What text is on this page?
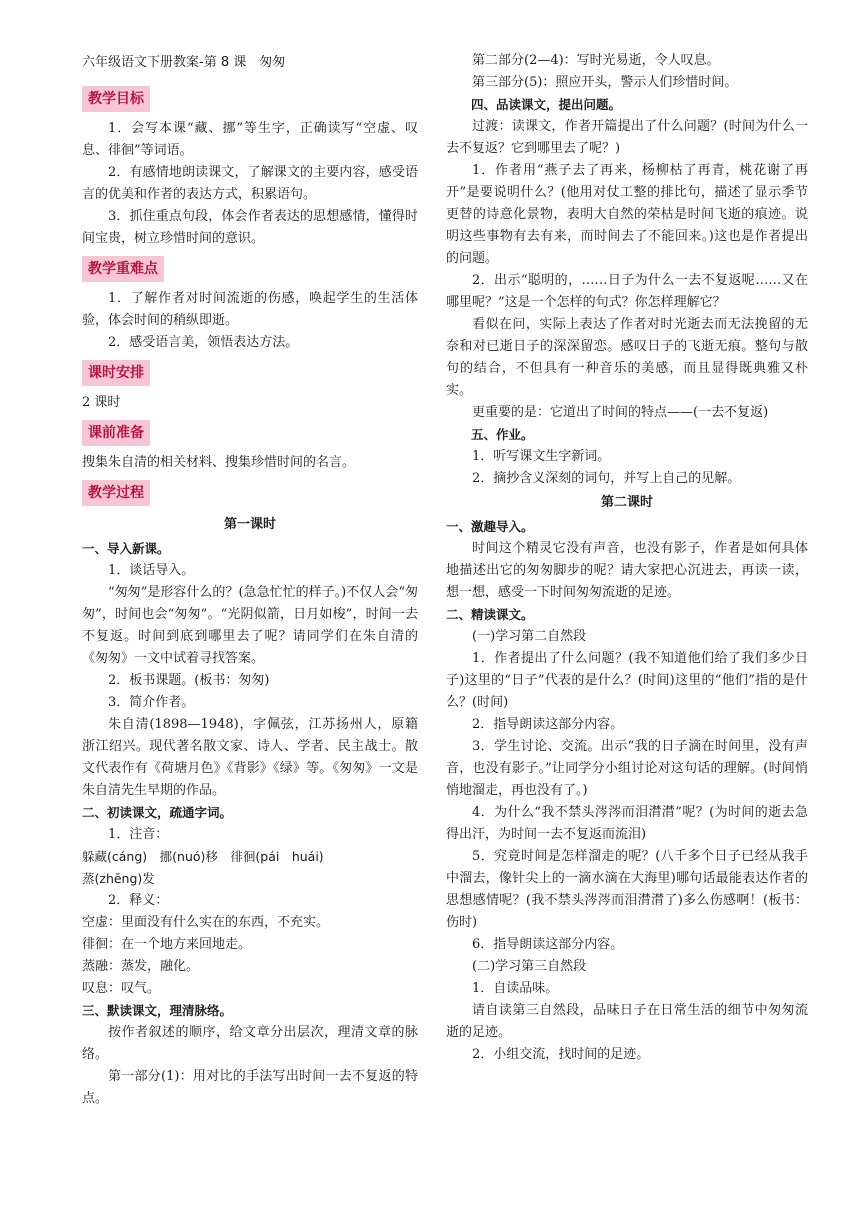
六年级语文下册教案-第 8 课　匆匆

教学目标

1．会写本课“藏、挪”等生字，正确读写“空虚、叹息、徘徊”等词语。

2．有感情地朗读课文，了解课文的主要内容，感受语言的优美和作者的表达方式，积累语句。

3．抓住重点句段，体会作者表达的思想感情，懂得时间宝贵，树立珍惜时间的意识。

教学重难点

1．了解作者对时间流逝的伤感，唤起学生的生活体验，体会时间的稍纵即逝。

2．感受语言美，领悟表达方法。

课时安排

2 课时

课前准备

搜集朱自清的相关材料、搜集珍惜时间的名言。

教学过程

第一课时

一、导入新课。

1．谈话导入。

“匆匆”是形容什么的？(急急忙忙的样子。)不仅人会“匆匆”，时间也会“匆匆”。“光阴似箭，日月如梭”，时间一去不复返。时间到底到哪里去了呢？请同学们在朱自清的《匆匆》一文中试着寻找答案。

2．板书课题。(板书：匆匆)

3．简介作者。

朱自清(1898—1948)，字佩弦，江苏扬州人，原籍浙江绍兴。现代著名散文家、诗人、学者、民主战士。散文代表作有《荷塘月色》《背影》《绿》等。《匆匆》一文是朱自清先生早期的作品。

二、初读课文，疏通字词。

1．注音：

躲藏(cáng)　挪(nuó)移　徘徊(pái　huái)

蒸(zhēng)发

2．释义：

空虚：里面没有什么实在的东西，不充实。

徘徊：在一个地方来回地走。

蒸融：蒸发，融化。

叹息：叹气。

三、默读课文，理清脉络。

按作者叙述的顺序，给文章分出层次，理清文章的脉络。

第一部分(1)：用对比的手法写出时间一去不复返的特点。

第二部分(2—4)：写时光易逝，令人叹息。

第三部分(5)：照应开头，警示人们珍惜时间。

四、品读课文，提出问题。

过渡：读课文，作者开篇提出了什么问题？(时间为什么一去不复返？它到哪里去了呢？)

1．作者用“燕子去了再来，杨柳枯了再青，桃花谢了再开”是要说明什么？(他用对仗工整的排比句，描述了显示季节更替的诗意化景物，表明大自然的荣枯是时间飞逝的痕迹。说明这些事物有去有来，而时间去了不能回来。)这也是作者提出的问题。

2．出示“聪明的，……日子为什么一去不复返呢……又在哪里呢？”这是一个怎样的句式？你怎样理解它？

看似在问，实际上表达了作者对时光逝去而无法挽留的无奈和对已逝日子的深深留恋。感叹日子的飞逝无痕。整句与散句的结合，不但具有一种音乐的美感，而且显得既典雅又朴实。

更重要的是：它道出了时间的特点——(一去不复返)

五、作业。

1．听写课文生字新词。

2．摘抄含义深刻的词句，并写上自己的见解。

第二课时

一、激趣导入。

时间这个精灵它没有声音，也没有影子，作者是如何具体地描述出它的匆匆脚步的呢？请大家把心沉进去，再读一读，想一想，感受一下时间匆匆流逝的足迹。

二、精读课文。

(一)学习第二自然段

1．作者提出了什么问题？(我不知道他们给了我们多少日子)这里的“日子”代表的是什么？(时间)这里的“他们”指的是什么？(时间)

2．指导朗读这部分内容。

3．学生讨论、交流。出示“我的日子滴在时间里，没有声音，也没有影子。”让同学分小组讨论对这句话的理解。(时间悄悄地溜走，再也没有了。)

4．为什么“我不禁头涔涔而泪潸潸”呢？(为时间的逝去急得出汗，为时间一去不复返而流泪)

5．究竟时间是怎样溜走的呢？(八千多个日子已经从我手中溜去，像针尖上的一滴水滴在大海里)哪句话最能表达作者的思想感情呢？(我不禁头涔涔而泪潸潸了)多么伤感啊！(板书：伤时)

6．指导朗读这部分内容。

(二)学习第三自然段

1．自读品味。

请自读第三自然段，品味日子在日常生活的细节中匆匆流逝的足迹。

2．小组交流，找时间的足迹。
